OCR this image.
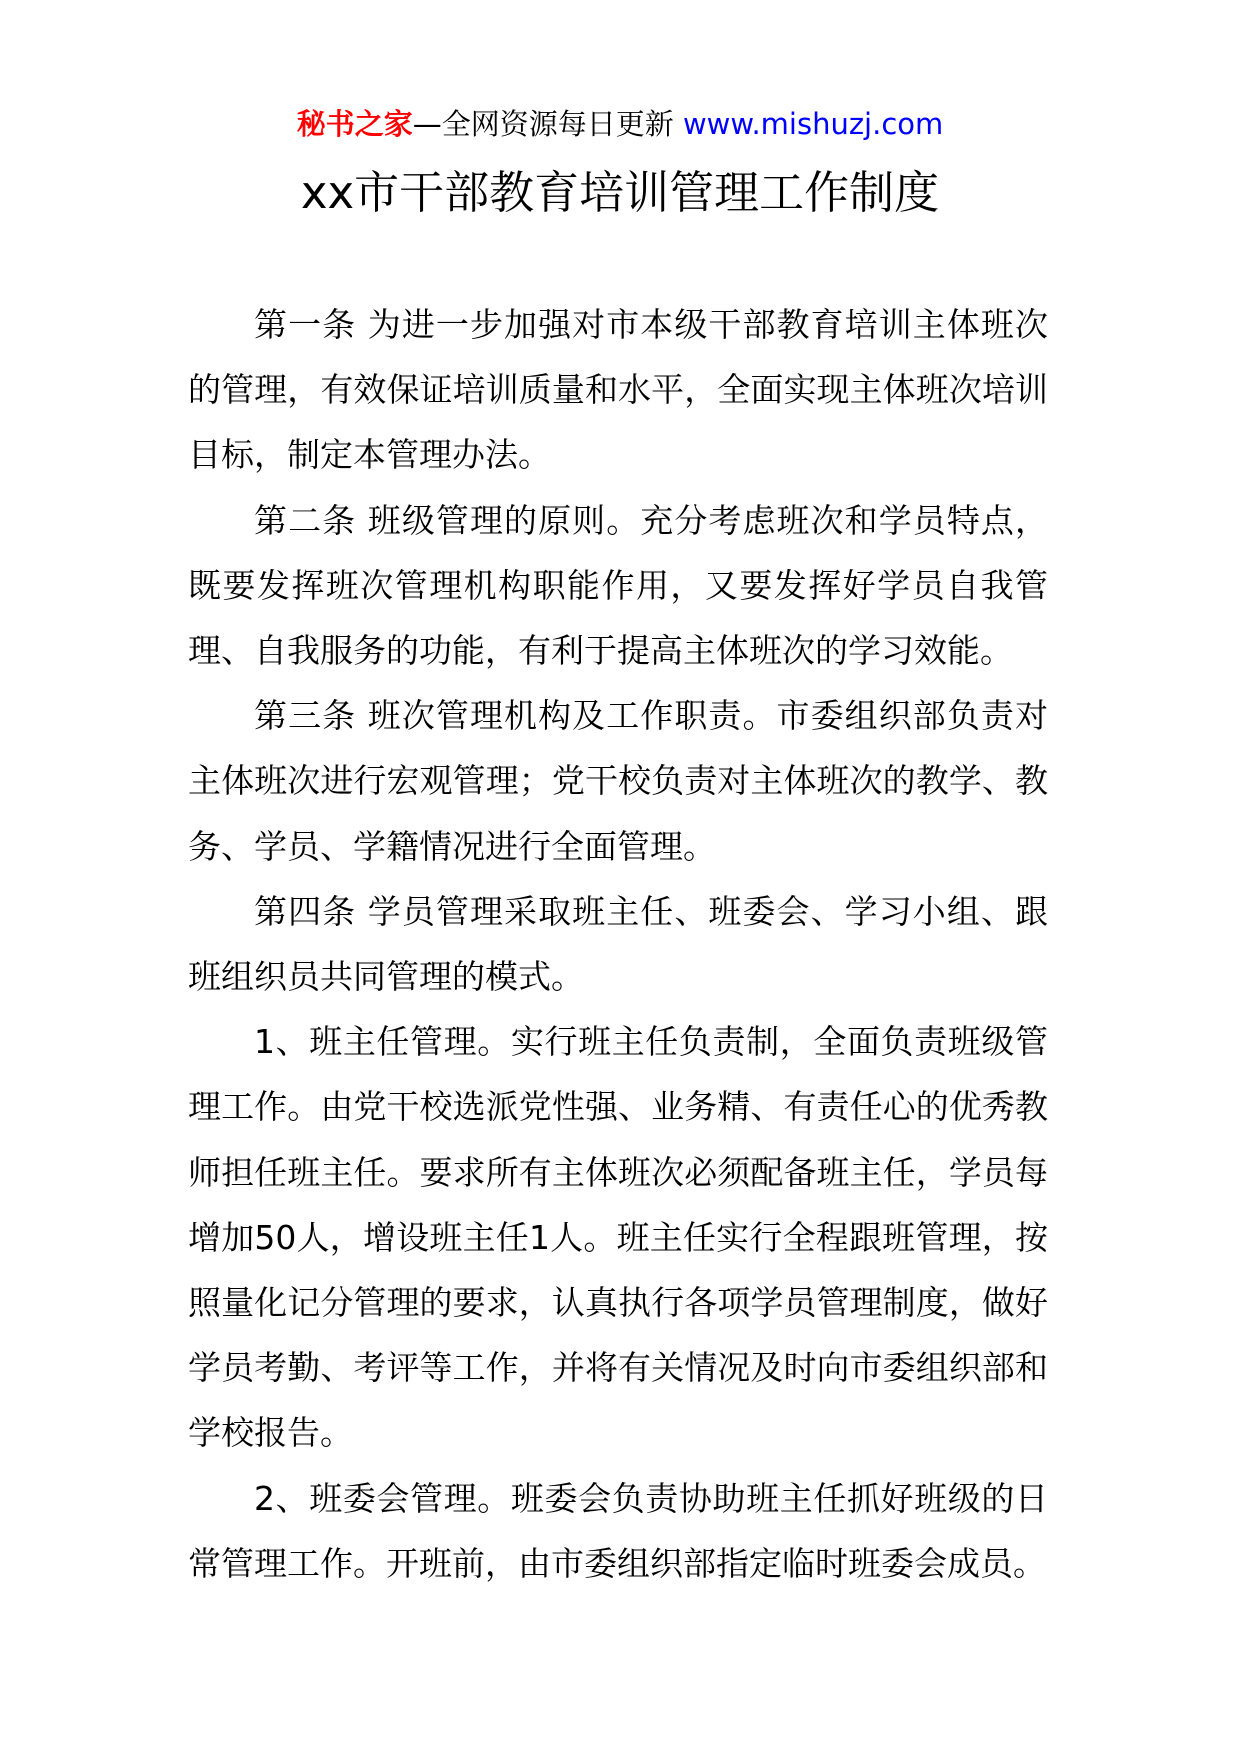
秘书之家—全网资源每日更新 www.mishuzj.com
xx市干部教育培训管理工作制度

第一条 为进一步加强对市本级干部教育培训主体班次的管理，有效保证培训质量和水平，全面实现主体班次培训目标，制定本管理办法。

第二条 班级管理的原则。充分考虑班次和学员特点，既要发挥班次管理机构职能作用，又要发挥好学员自我管理、自我服务的功能，有利于提高主体班次的学习效能。

第三条 班次管理机构及工作职责。市委组织部负责对主体班次进行宏观管理；党干校负责对主体班次的教学、教务、学员、学籍情况进行全面管理。

第四条 学员管理采取班主任、班委会、学习小组、跟班组织员共同管理的模式。

1、班主任管理。实行班主任负责制，全面负责班级管理工作。由党干校选派党性强、业务精、有责任心的优秀教师担任班主任。要求所有主体班次必须配备班主任，学员每增加50人，增设班主任1人。班主任实行全程跟班管理，按照量化记分管理的要求，认真执行各项学员管理制度，做好学员考勤、考评等工作，并将有关情况及时向市委组织部和学校报告。

2、班委会管理。班委会负责协助班主任抓好班级的日常管理工作。开班前，由市委组织部指定临时班委会成员。
